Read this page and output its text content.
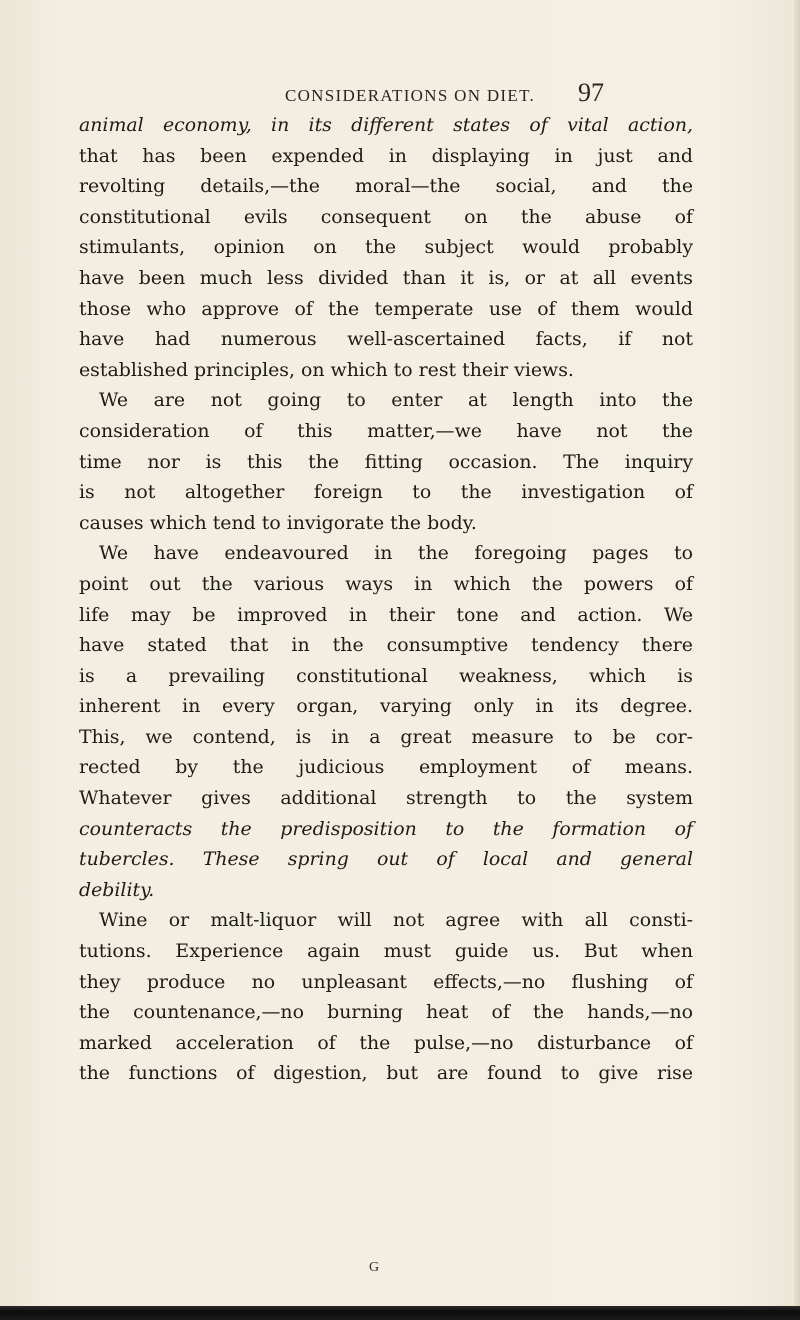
CONSIDERATIONS ON DIET.	97
animal economy, in its different states of vital action,
that has been expended in displaying in just and
revolting details,—the moral—the social, and the
constitutional evils consequent on the abuse of
stimulants, opinion on the subject would probably
have been much less divided than it is, or at all events
those who approve of the temperate use of them would
have had numerous well-ascertained facts, if not
established principles, on which to rest their views.
We are not going to enter at length into the
consideration of this matter,—we have not the
time nor is this the fitting occasion. The inquiry
is not altogether foreign to the investigation of
causes which tend to invigorate the body.
We have endeavoured in the foregoing pages to
point out the various ways in which the powers of
life may be improved in their tone and action. We
have stated that in the consumptive tendency there
is a prevailing constitutional weakness, which is
inherent in every organ, varying only in its degree.
This, we contend, is in a great measure to be cor-
rected by the judicious employment of means.
Whatever gives additional strength to the system
counteracts the predisposition to the formation of
tubercles. These spring out of local and general
debility.
Wine or malt-liquor will not agree with all consti-
tutions. Experience again must guide us. But when
they produce no unpleasant effects,—no flushing of
the countenance,—no burning heat of the hands,—no
marked acceleration of the pulse,—no disturbance of
the functions of digestion, but are found to give rise
G
